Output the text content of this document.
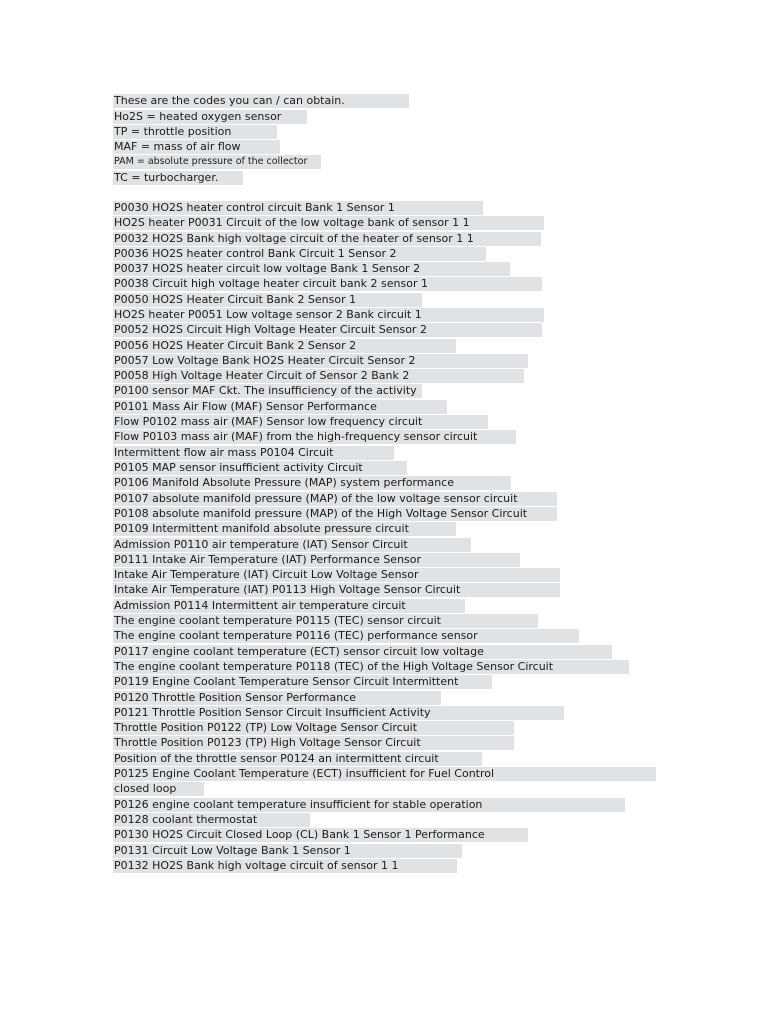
These are the codes you can / can obtain.
Ho2S = heated oxygen sensor
TP = throttle position
MAF = mass of air flow
PAM = absolute pressure of the collector
TC = turbocharger.
P0030 HO2S heater control circuit Bank 1 Sensor 1
HO2S heater P0031 Circuit of the low voltage bank of sensor 1 1
P0032 HO2S Bank high voltage circuit of the heater of sensor 1 1
P0036 HO2S heater control Bank Circuit 1 Sensor 2
P0037 HO2S heater circuit low voltage Bank 1 Sensor 2
P0038 Circuit high voltage heater circuit bank 2 sensor 1
P0050 HO2S Heater Circuit Bank 2 Sensor 1
HO2S heater P0051 Low voltage sensor 2 Bank circuit 1
P0052 HO2S Circuit High Voltage Heater Circuit Sensor 2
P0056 HO2S Heater Circuit Bank 2 Sensor 2
P0057 Low Voltage Bank HO2S Heater Circuit Sensor 2
P0058 High Voltage Heater Circuit of Sensor 2 Bank 2
P0100 sensor MAF Ckt. The insufficiency of the activity
P0101 Mass Air Flow (MAF) Sensor Performance
Flow P0102 mass air (MAF) Sensor low frequency circuit
Flow P0103 mass air (MAF) from the high-frequency sensor circuit
Intermittent flow air mass P0104 Circuit
P0105 MAP sensor insufficient activity Circuit
P0106 Manifold Absolute Pressure (MAP) system performance
P0107 absolute manifold pressure (MAP) of the low voltage sensor circuit
P0108 absolute manifold pressure (MAP) of the High Voltage Sensor Circuit
P0109 Intermittent manifold absolute pressure circuit
Admission P0110 air temperature (IAT) Sensor Circuit
P0111 Intake Air Temperature (IAT) Performance Sensor
Intake Air Temperature (IAT) Circuit Low Voltage Sensor
Intake Air Temperature (IAT) P0113 High Voltage Sensor Circuit
Admission P0114 Intermittent air temperature circuit
The engine coolant temperature P0115 (TEC) sensor circuit
The engine coolant temperature P0116 (TEC) performance sensor
P0117 engine coolant temperature (ECT) sensor circuit low voltage
The engine coolant temperature P0118 (TEC) of the High Voltage Sensor Circuit
P0119 Engine Coolant Temperature Sensor Circuit Intermittent
P0120 Throttle Position Sensor Performance
P0121 Throttle Position Sensor Circuit Insufficient Activity
Throttle Position P0122 (TP) Low Voltage Sensor Circuit
Throttle Position P0123 (TP) High Voltage Sensor Circuit
Position of the throttle sensor P0124 an intermittent circuit
P0125 Engine Coolant Temperature (ECT) insufficient for Fuel Control
closed loop
P0126 engine coolant temperature insufficient for stable operation
P0128 coolant thermostat
P0130 HO2S Circuit Closed Loop (CL) Bank 1 Sensor 1 Performance
P0131 Circuit Low Voltage Bank 1 Sensor 1
P0132 HO2S Bank high voltage circuit of sensor 1 1
